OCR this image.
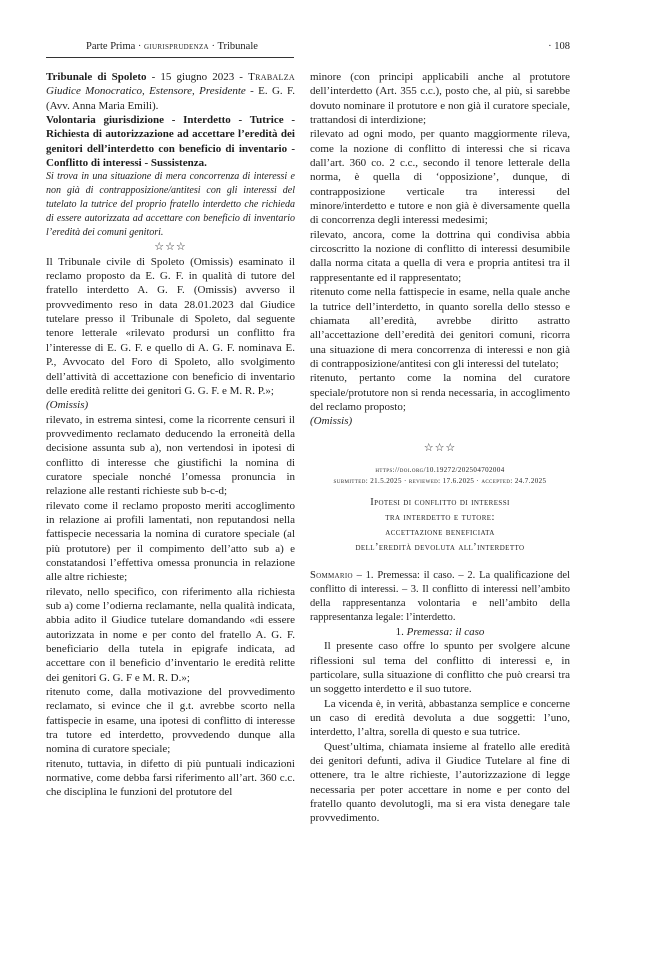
Parte Prima · giurisprudenza · Tribunale	· 108

Tribunale di Spoleto - 15 giugno 2023 - Trabalza Giudice Monocratico, Estensore, Presidente - E. G. F. (Avv. Anna Maria Emili).

Volontaria giurisdizione - Interdetto - Tutrice - Richiesta di autorizzazione ad accettare l’eredità dei genitori dell’interdetto con beneficio di inventario - Conflitto di interessi - Sussistenza.

Si trova in una situazione di mera concorrenza di interessi e non già di contrapposizione/antitesi con gli interessi del tutelato la tutrice del proprio fratello interdetto che richieda di essere autorizzata ad accettare con beneficio di inventario l’eredità dei comuni genitori.

☆☆☆

Il Tribunale civile di Spoleto (Omissis) esaminato il reclamo proposto da E. G. F. in qualità di tutore del fratello interdetto A. G. F. (Omissis) avverso il provvedimento reso in data 28.01.2023 dal Giudice tutelare presso il Tribunale di Spoleto, dal seguente tenore letterale «rilevato prodursi un conflitto fra l’interesse di E. G. F. e quello di A. G. F. nominava E. P., Avvocato del Foro di Spoleto, allo svolgimento dell’attività di accettazione con beneficio di inventario delle eredità relitte dei genitori G. G. F. e M. R. P.»;

(Omissis)

rilevato, in estrema sintesi, come la ricorrente censuri il provvedimento reclamato deducendo la erroneità della decisione assunta sub a), non vertendosi in ipotesi di conflitto di interesse che giustifichi la nomina di curatore speciale nonché l’omessa pronuncia in relazione alle restanti richieste sub b-c-d;

rilevato come il reclamo proposto meriti accoglimento in relazione ai profili lamentati, non reputandosi nella fattispecie necessaria la nomina di curatore speciale (al più protutore) per il compimento dell’atto sub a) e constatandosi l’effettiva omessa pronuncia in relazione alle altre richieste;

rilevato, nello specifico, con riferimento alla richiesta sub a) come l’odierna reclamante, nella qualità indicata, abbia adito il Giudice tutelare domandando «di essere autorizzata in nome e per conto del fratello A. G. F. beneficiario della tutela in epigrafe indicata, ad accettare con il beneficio d’inventario le eredità relitte dei genitori G. G. F e M. R. D.»;

ritenuto come, dalla motivazione del provvedimento reclamato, si evince che il g.t. avrebbe scorto nella fattispecie in esame, una ipotesi di conflitto di interesse tra tutore ed interdetto, provvedendo dunque alla nomina di curatore speciale;

ritenuto, tuttavia, in difetto di più puntuali indicazioni normative, come debba farsi riferimento all’art. 360 c.c. che disciplina le funzioni del protutore del

minore (con principi applicabili anche al protutore dell’interdetto (Art. 355 c.c.), posto che, al più, si sarebbe dovuto nominare il protutore e non già il curatore speciale, trattandosi di interdizione;

rilevato ad ogni modo, per quanto maggiormente rileva, come la nozione di conflitto di interessi che si ricava dall’art. 360 co. 2 c.c., secondo il tenore letterale della norma, è quella di ‘opposizione’, dunque, di contrapposizione verticale tra interessi del minore/interdetto e tutore e non già è diversamente quella di concorrenza degli interessi medesimi;

rilevato, ancora, come la dottrina qui condivisa abbia circoscritto la nozione di conflitto di interessi desumibile dalla norma citata a quella di vera e propria antitesi tra il rappresentante ed il rappresentato;

ritenuto come nella fattispecie in esame, nella quale anche la tutrice dell’interdetto, in quanto sorella dello stesso e chiamata all’eredità, avrebbe diritto astratto all’accettazione dell’eredità dei genitori comuni, ricorra una situazione di mera concorrenza di interessi e non già di contrapposizione/antitesi con gli interessi del tutelato;

ritenuto, pertanto come la nomina del curatore speciale/protutore non si renda necessaria, in accoglimento del reclamo proposto;

(Omissis)

☆☆☆

https://doi.org/10.19272/202504702004

submitted: 21.5.2025 · reviewed: 17.6.2025 · accepted: 24.7.2025

Ipotesi di conflitto di interessi
tra interdetto e tutore:
accettazione beneficiata
dell’eredità devoluta all’interdetto

Sommario – 1. Premessa: il caso. – 2. La qualificazione del conflitto di interessi. – 3. Il conflitto di interessi nell’ambito della rappresentanza volontaria e nell’ambito della rappresentanza legale: l’interdetto.

1. Premessa: il caso

Il presente caso offre lo spunto per svolgere alcune riflessioni sul tema del conflitto di interessi e, in particolare, sulla situazione di conflitto che può crearsi tra un soggetto interdetto e il suo tutore.

La vicenda è, in verità, abbastanza semplice e concerne un caso di eredità devoluta a due soggetti: l’uno, interdetto, l’altra, sorella di questo e sua tutrice.

Quest’ultima, chiamata insieme al fratello alle eredità dei genitori defunti, adiva il Giudice Tutelare al fine di ottenere, tra le altre richieste, l’autorizzazione di legge necessaria per poter accettare in nome e per conto del fratello quanto devolutogli, ma si era vista denegare tale provvedimento.
